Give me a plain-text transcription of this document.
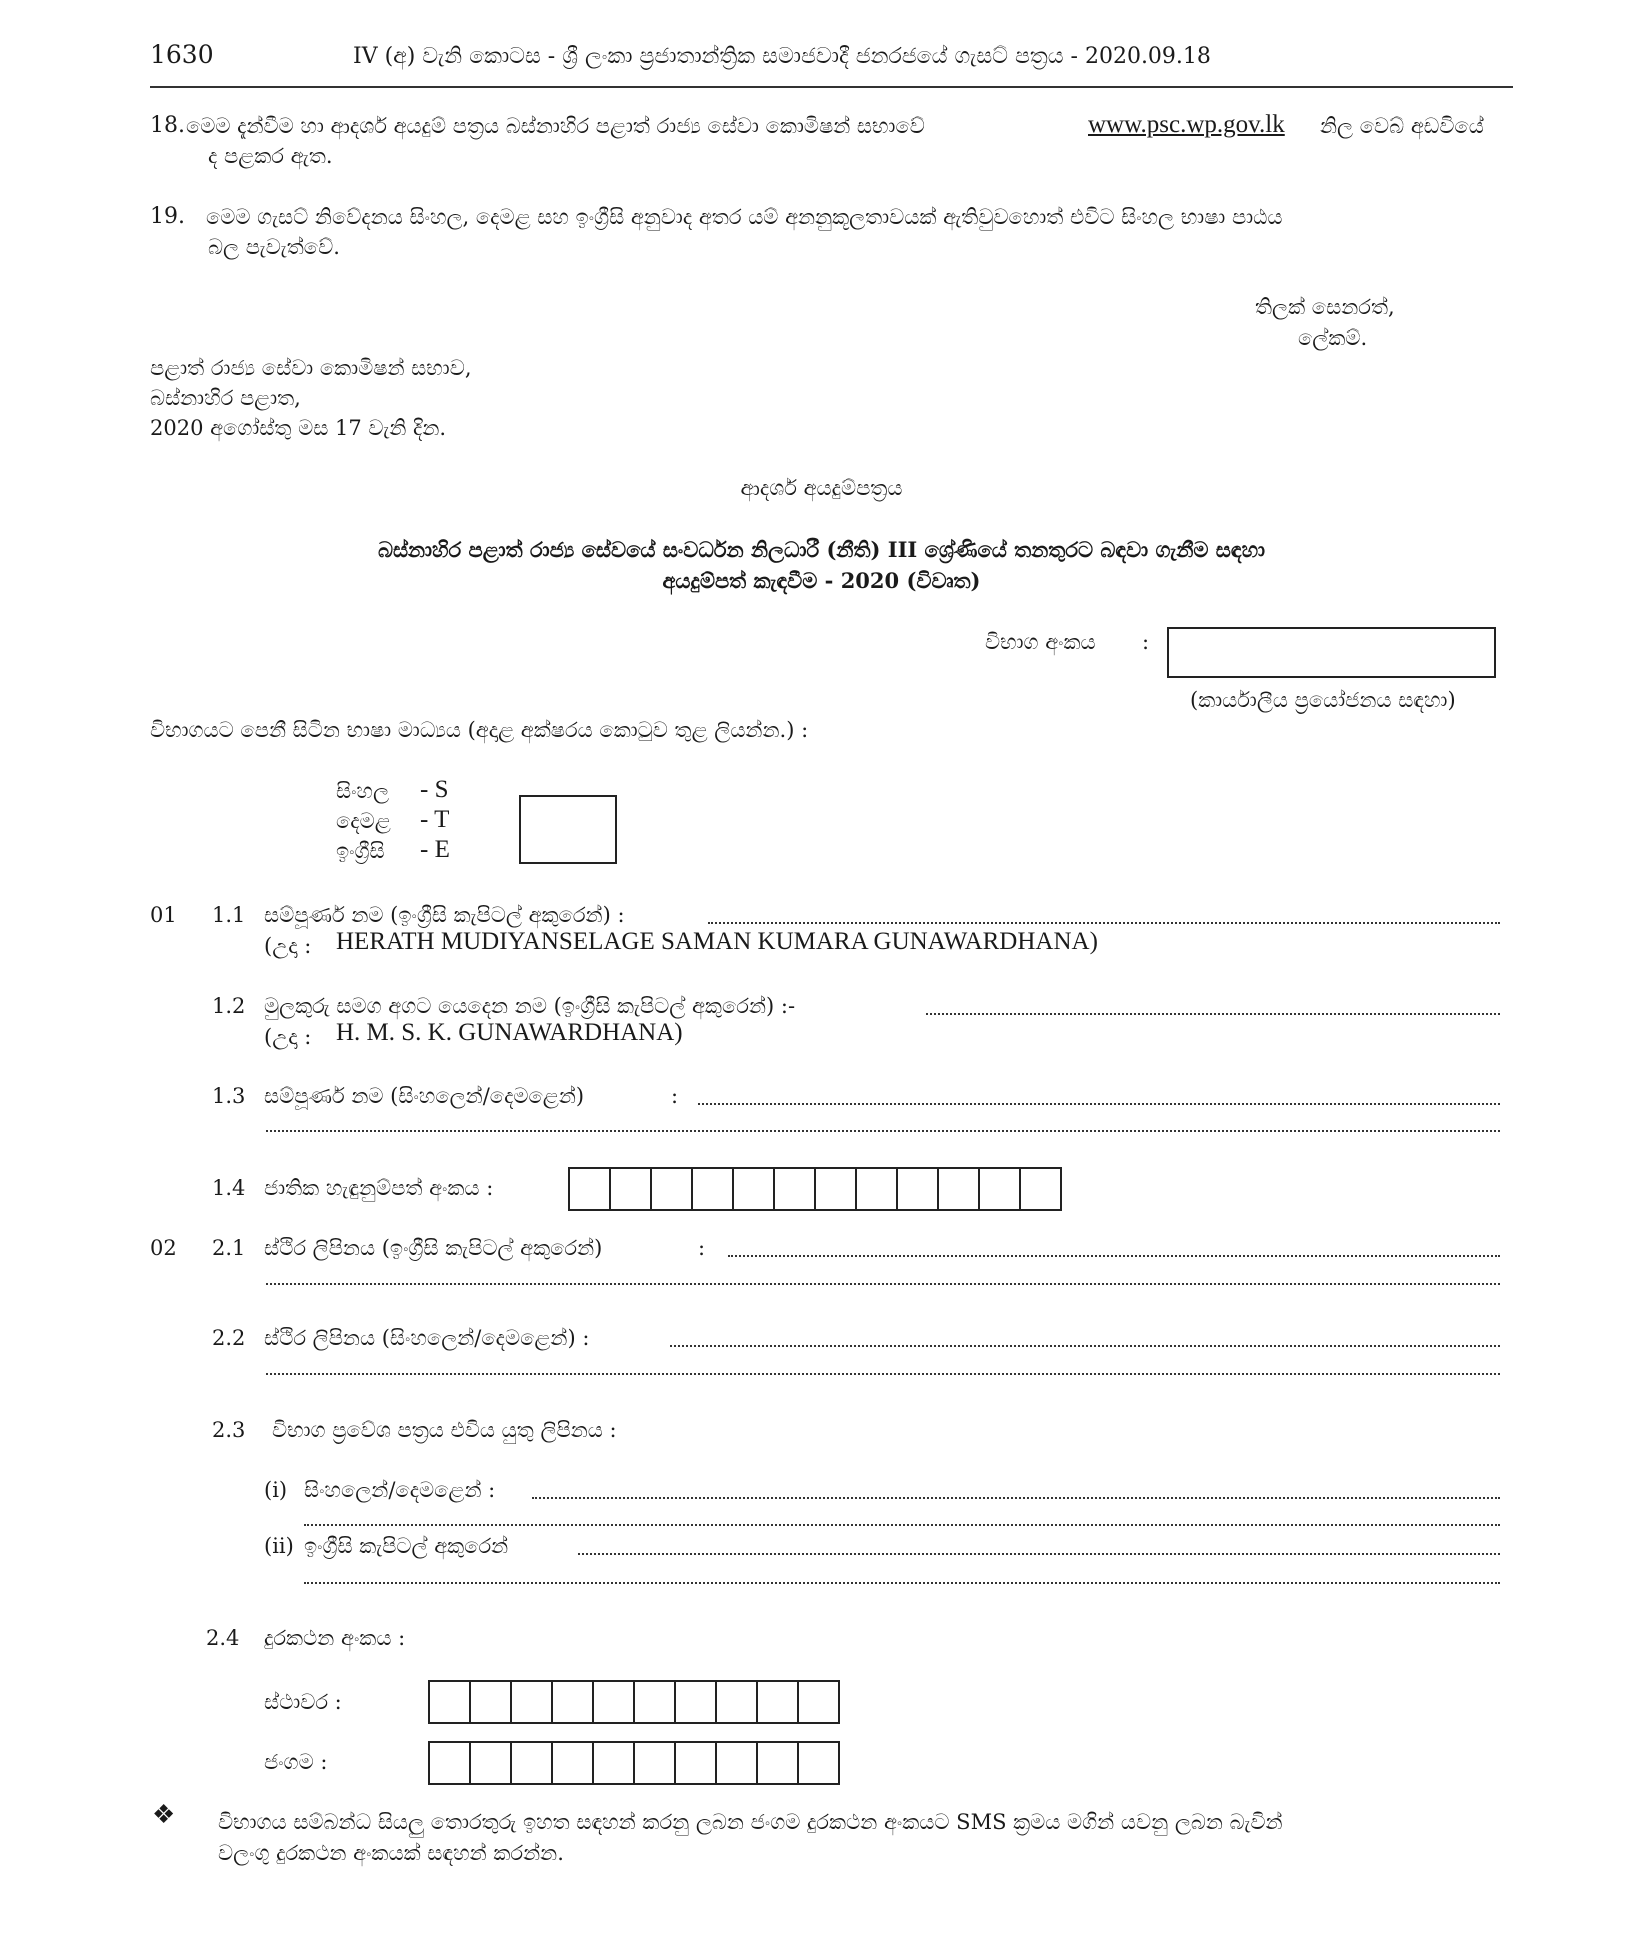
1630	IV (අ) වැනි කොටස - ශ්‍රී ලංකා ප්‍රජාතාන්ත්‍රික සමාජවාදී ජනරජයේ ගැසට් පත්‍රය - 2020.09.18
18. මෙම දැන්වීම හා ආදර්ශ අයදුම් පත්‍රය බස්නාහිර පළාත් රාජ්‍ය සේවා කොමිෂන් සභාවේ	www.psc.wp.gov.lk නිල වෙබ් අඩවියේ
ද පළකර ඇත.
19. මෙම ගැසට් නිවේදනය සිංහල, දෙමළ සහ ඉංග්‍රීසි අනුවාද අතර යම් අනනුකූලතාවයක් ඇතිවුවහොත් එවිට සිංහල භාෂා පාඨය
බල පැවැත්වේ.
තිලක් සෙනරත්,
ලේකම්.
පළාත් රාජ්‍ය සේවා කොමිෂන් සභාව,
බස්නාහිර පළාත,
2020 අගෝස්තු මස 17 වැනි දින.
ආදර්ශ අයදුම්පත්‍රය
බස්නාහිර පළාත් රාජ්‍ය සේවයේ සංවර්ධන නිලධාරී (නීති) III ශ්‍රේණියේ තනතුරට බඳවා ගැනීම සඳහා
අයදුම්පත් කැඳවීම - 2020 (විවෘත)
විභාග අංකය :
(කාර්යාලීය ප්‍රයෝජනය සඳහා)
විභාගයට පෙනී සිටින භාෂා මාධ්‍යය (අදාළ අක්ෂරය කොටුව තුළ ලියන්න.) :
සිංහල - S
දෙමළ - T
ඉංග්‍රීසි - E
01 1.1 සම්පූර්ණ නම (ඉංග්‍රීසි කැපිටල් අකුරෙන්) :
(උදා : HERATH MUDIYANSELAGE SAMAN KUMARA GUNAWARDHANA)
1.2 මුලකුරු සමග අගට යෙදෙන නම (ඉංග්‍රීසි කැපිටල් අකුරෙන්) :-
(උදා : H. M. S. K. GUNAWARDHANA)
1.3 සම්පූර්ණ නම (සිංහලෙන්/දෙමළෙන්)	:
1.4 ජාතික හැඳුනුම්පත් අංකය :
02 2.1 ස්ථිර ලිපිනය (ඉංග්‍රීසි කැපිටල් අකුරෙන්)	:
2.2 ස්ථිර ලිපිනය (සිංහලෙන්/දෙමළෙන්) :
2.3 විභාග ප්‍රවේශ පත්‍රය එවිය යුතු ලිපිනය :
(i) සිංහලෙන්/දෙමළෙන් :
(ii) ඉංග්‍රීසි කැපිටල් අකුරෙන්
2.4 දුරකථන අංකය :
ස්ථාවර :
ජංගම :
❖ විභාගය සම්බන්ධ සියලු තොරතුරු ඉහත සඳහන් කරනු ලබන ජංගම දුරකථන අංකයට SMS ක්‍රමය මගින් යවනු ලබන බැවින්
වලංගු දුරකථන අංකයක් සඳහන් කරන්න.
